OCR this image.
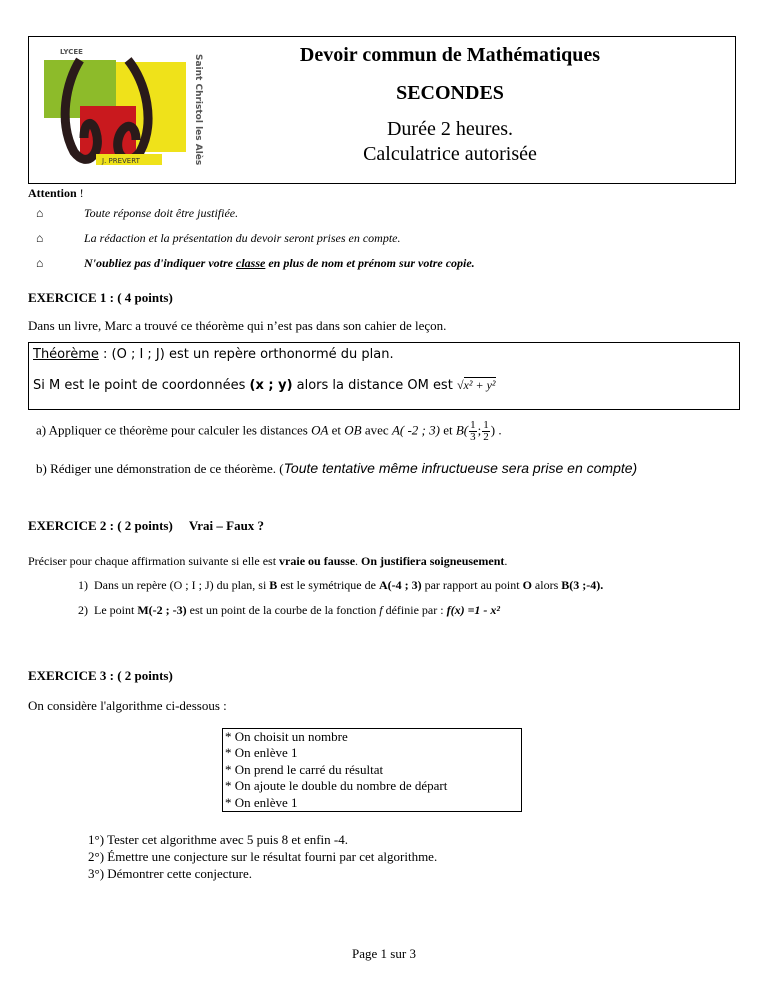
LYCEE
J. PREVERT	Saint Christol les Alès	Devoir commun de Mathématiques
SECONDES
Durée 2 heures.
Calculatrice autorisée
Attention !
⌂	Toute réponse doit être justifiée.
⌂	La rédaction et la présentation du devoir seront prises en compte.
⌂	N'oubliez pas d'indiquer votre classe en plus de nom et prénom sur votre copie.
EXERCICE 1 : ( 4 points)
Dans un livre, Marc a trouvé ce théorème qui n’est pas dans son cahier de leçon.
Théorème : (O ; I ; J) est un repère orthonormé du plan.
Si M est le point de coordonnées (x ; y) alors la distance OM est √x² + y²
a) Appliquer ce théorème pour calculer les distances OA et OB avec A( -2 ; 3) et $B( \frac{1}{3}$ ; $\frac{1}{2}$ ) .
b) Rédiger une démonstration de ce théorème. (Toute tentative même infructueuse sera prise en compte)
EXERCICE 2 : ( 2 points) Vrai – Faux ?
Préciser pour chaque affirmation suivante si elle est vraie ou fausse. On justifiera soigneusement.
1) Dans un repère (O ; I ; J) du plan, si B est le symétrique de A(-4 ; 3) par rapport au point O alors B(3 ;-4).
2) Le point M(-2 ; -3) est un point de la courbe de la fonction f définie par : f(x) =1 - x²
EXERCICE 3 : ( 2 points)
On considère l'algorithme ci-dessous :
* On choisit un nombre
* On enlève 1
* On prend le carré du résultat
* On ajoute le double du nombre de départ
* On enlève 1
1°) Tester cet algorithme avec 5 puis 8 et enfin -4.
2°) Émettre une conjecture sur le résultat fourni par cet algorithme.
3°) Démontrer cette conjecture.
Page 1 sur 3
